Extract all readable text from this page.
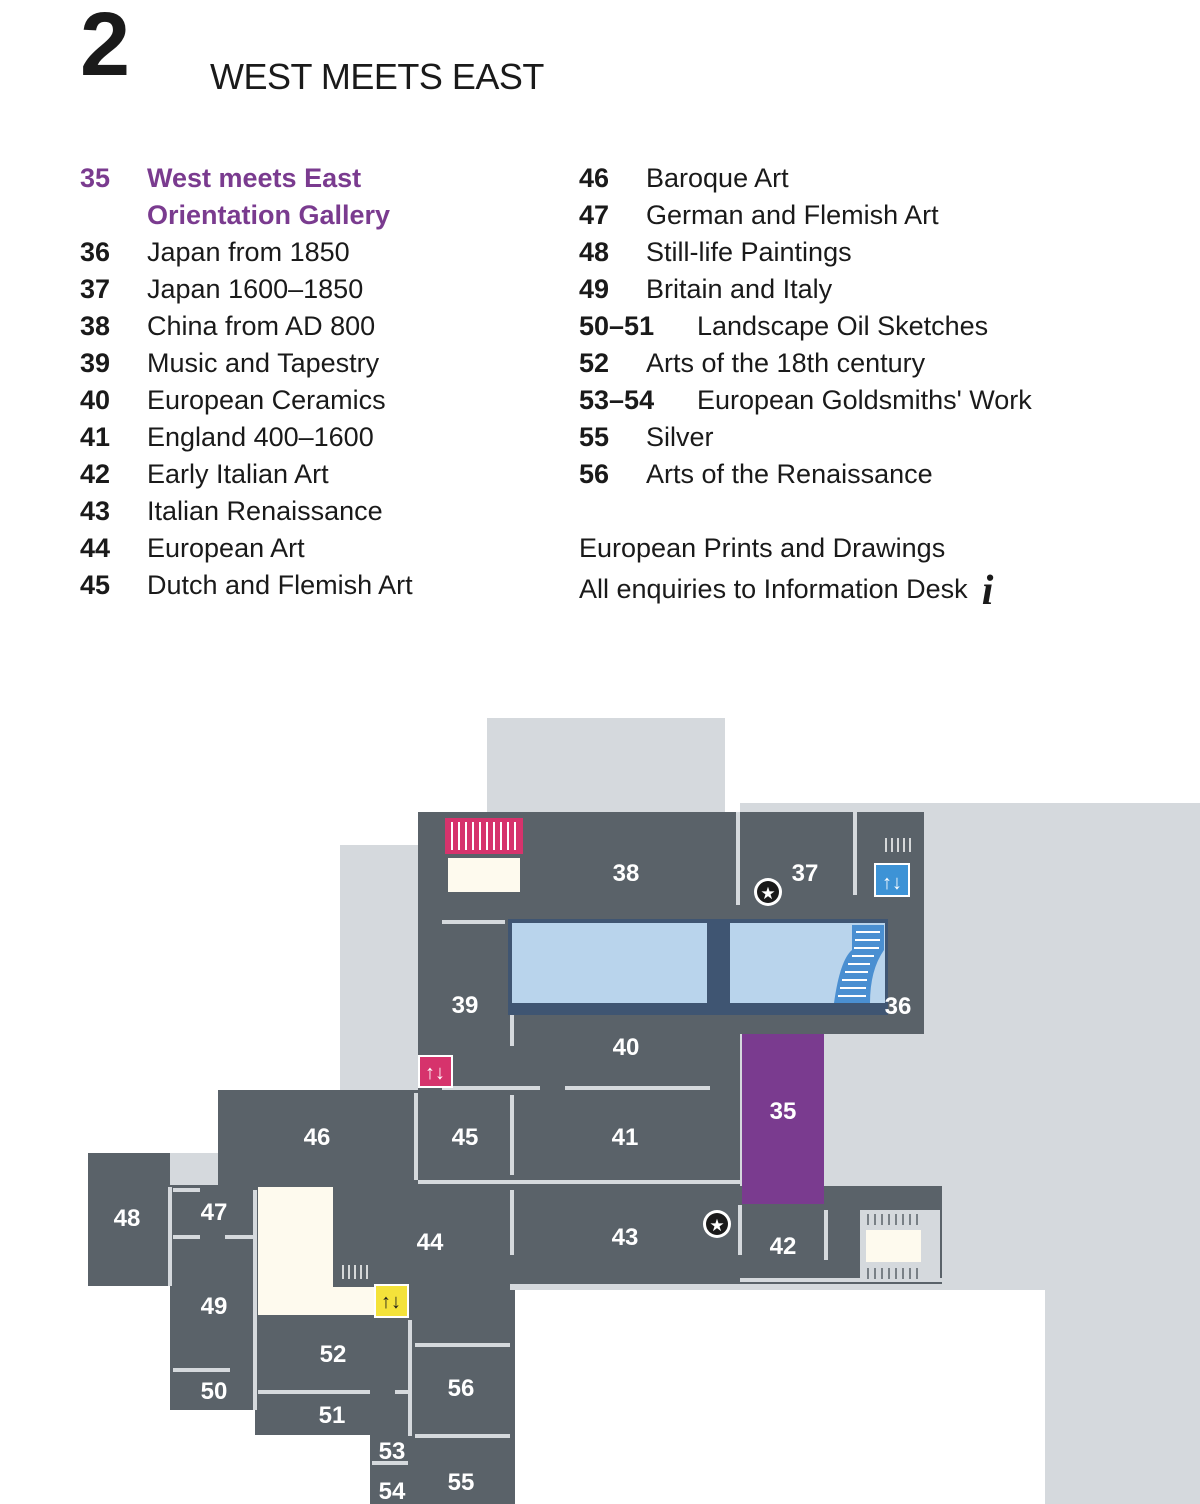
2 WEST MEETS EAST
35	West meets East
Orientation Gallery
36	Japan from 1850
37	Japan 1600–1850
38	China from AD 800
39	Music and Tapestry
40	European Ceramics
41	England 400–1600
42	Early Italian Art
43	Italian Renaissance
44	European Art
45	Dutch and Flemish Art
46	Baroque Art
47	German and Flemish Art
48	Still-life Paintings
49	Britain and Italy
50–51	Landscape Oil Sketches
52	Arts of the 18th century
53–54	European Goldsmiths' Work
55	Silver
56	Arts of the Renaissance
European Prints and Drawings
All enquiries to Information Desk i
↑↓
↑↓
↑↓
★
★
38	37
39	36
40
35
46	45	41
48	47
44	43	42
49
52
56
50
51
53
54 55
